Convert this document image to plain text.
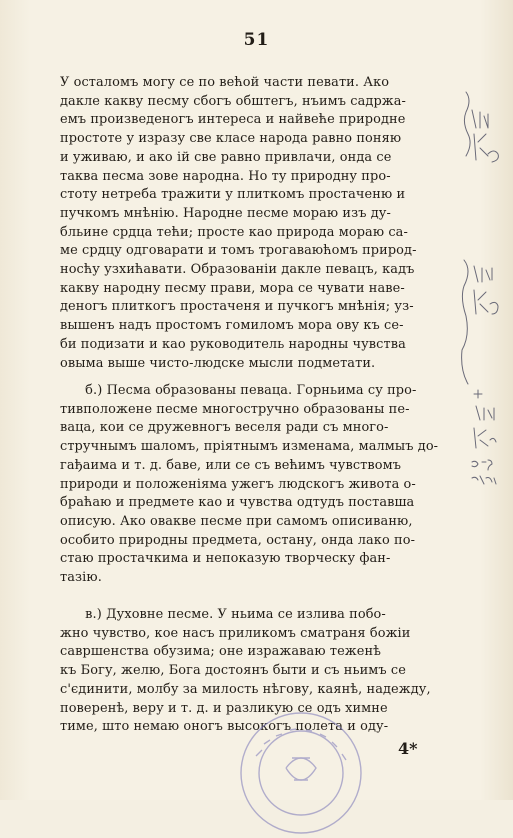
51
У осталомъ могу се по већой части певати. Ако
дакле какву песму сбогъ обштегъ, нъимъ садржа-
емъ произведеногъ интереса и найвеће природне
простоте у изразу све класе народа равно поняю
и уживаю, и ако ій све равно привлачи, онда се
таква песма зове народна. Но ту природну про-
стоту нетреба тражити у плиткомъ простаченю и
пучкомъ мнѣнію. Народне песме морaю изъ ду-
бльине срдца тећи; просте као природа морaю са-
ме срдцу одговарати и томъ трогаваюћомъ природ-
носћу узхићавати. Образованіи дакле певацъ, кадъ
какву народну песму прави, мора се чувати наве-
деногъ плиткогъ простаченя и пучкогъ мнѣнія; уз-
вышенъ надъ простомъ гомиломъ мора ову къ се-
би подизати и као руководитель народны чувства
овыма выше чисто-людске мысли подметати.
б.) Песма образованы певаца. Горньима су про-
тивположене песме многостручно образованы пе-
ваца, кои се дружевногъ веселя ради съ многo-
стручнымъ шаломъ, пріятнымъ изменама, малмыъ до-
гађаима и т. д. баве, или се съ већимъ чувствомъ
природи и положеніяма ужегъ людскогъ живота о-
браћаю и предмете као и чувства одтудъ поставша
описую. Ако овакве песме при самомъ описиваню,
особито природны предмета, остану, онда лако по-
стаю простачкима и непоказую творческу фан-
тазію.
в.) Духовне песме. У ньима се излива побо-
жно чувство, кое насъ приликомъ сматраня божіи
савршенства обузима; оне изражавaю теженѣ
къ Богу, желю, Бога достоянъ быти и съ ньимъ се
с'єдинити, молбу за милость нѣгову, каянѣ, надежду,
поверенѣ, веру и т. д. и разликую се одъ химне
тиме, што немаю оногъ высокогъ полета и оду-
4*
